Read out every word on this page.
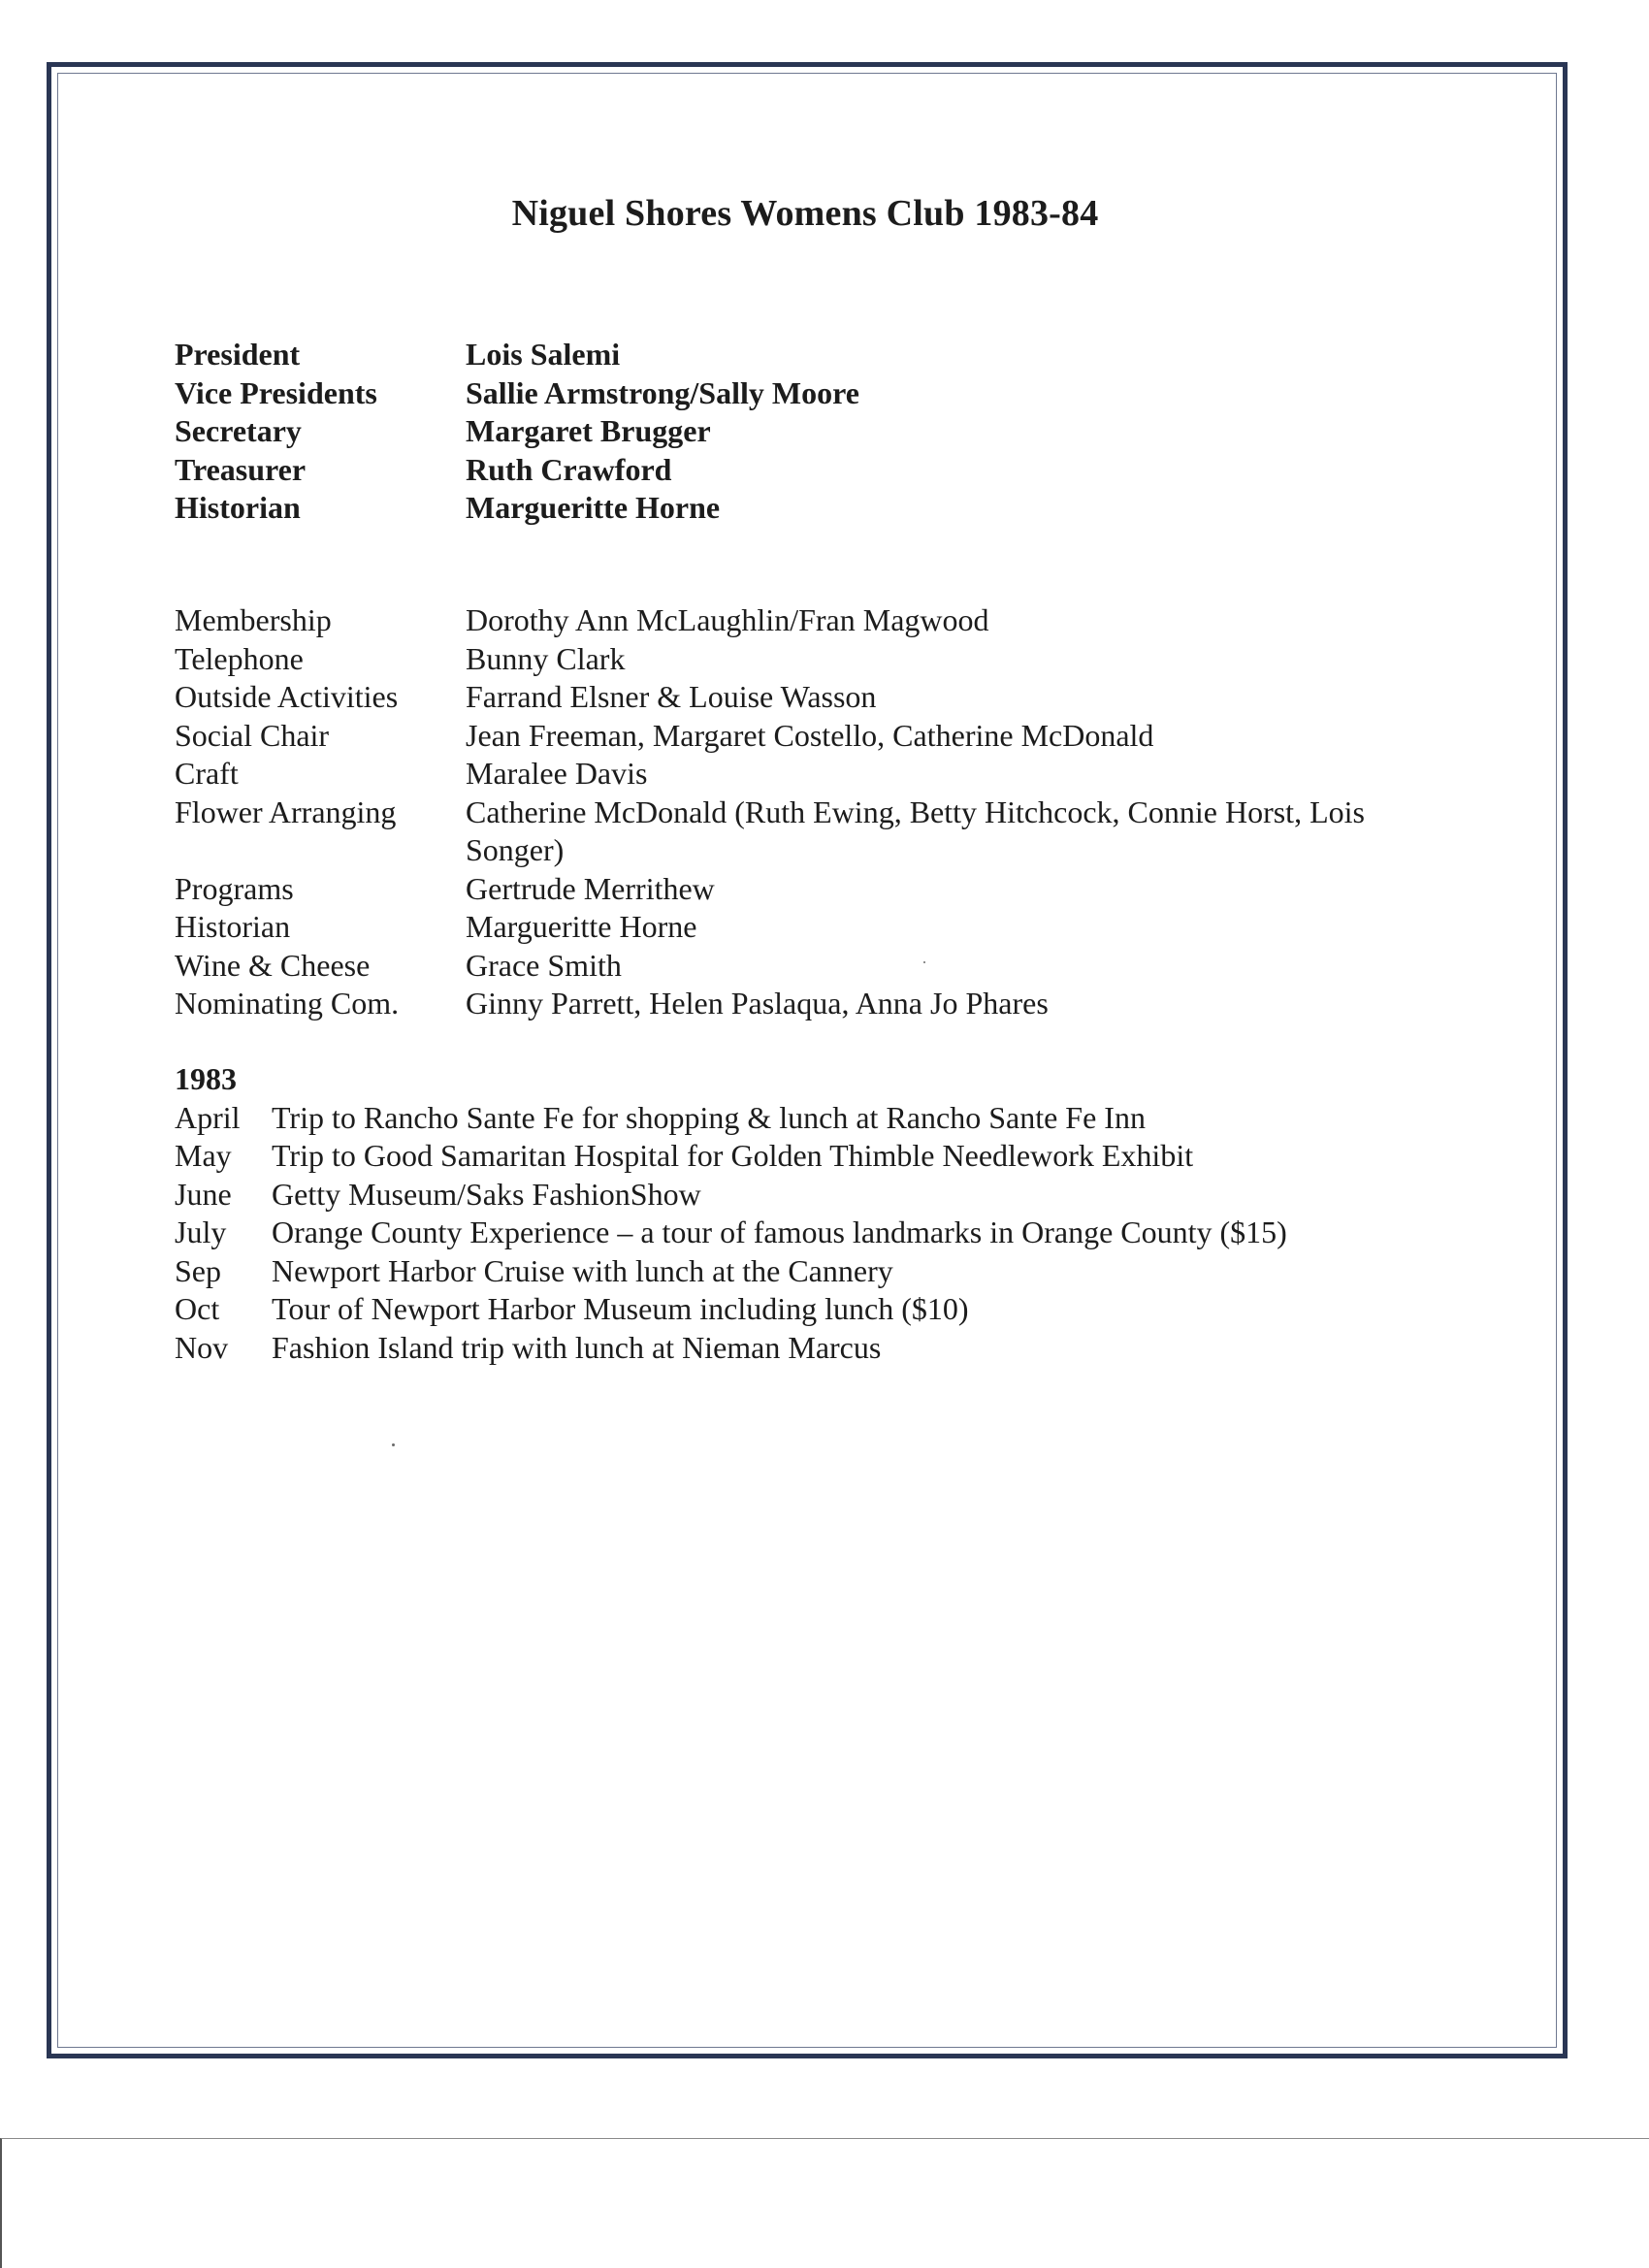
Niguel Shores Womens Club 1983-84
President	Lois Salemi
Vice Presidents	Sallie Armstrong/Sally Moore
Secretary	Margaret Brugger
Treasurer	Ruth Crawford
Historian	Margueritte Horne
Membership	Dorothy Ann McLaughlin/Fran Magwood
Telephone	Bunny Clark
Outside Activities	Farrand Elsner & Louise Wasson
Social Chair	Jean Freeman, Margaret Costello, Catherine McDonald
Craft	Maralee Davis
Flower Arranging	Catherine McDonald (Ruth Ewing, Betty Hitchcock, Connie Horst, Lois Songer)
Programs	Gertrude Merrithew
Historian	Margueritte Horne
Wine & Cheese	Grace Smith
Nominating Com.	Ginny Parrett, Helen Paslaqua, Anna Jo Phares
1983
April	Trip to Rancho Sante Fe for shopping & lunch at Rancho Sante Fe Inn
May	Trip to Good Samaritan Hospital for Golden Thimble Needlework Exhibit
June	Getty Museum/Saks FashionShow
July	Orange County Experience – a tour of famous landmarks in Orange County ($15)
Sep	Newport Harbor Cruise with lunch at the Cannery
Oct	Tour of Newport Harbor Museum including lunch ($10)
Nov	Fashion Island trip with lunch at Nieman Marcus
